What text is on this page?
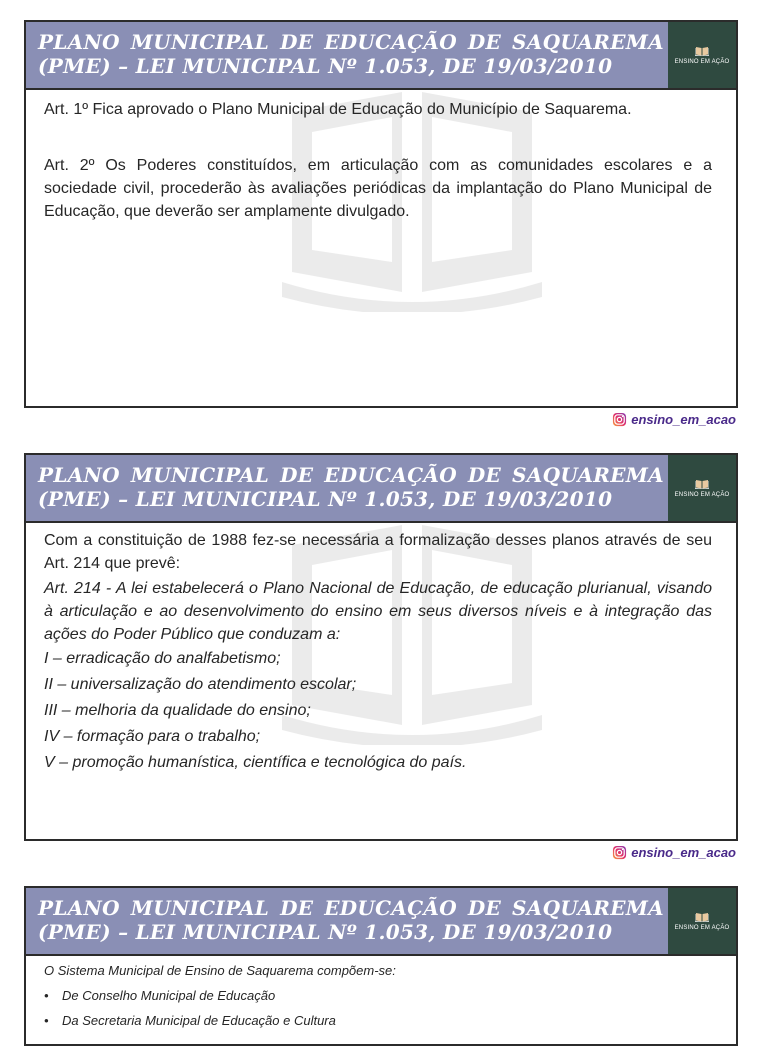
PLANO MUNICIPAL DE EDUCAÇÃO DE SAQUAREMA (PME) – LEI MUNICIPAL Nº 1.053, DE 19/03/2010	ENSINO EM AÇÃO

Art. 1º Fica aprovado o Plano Municipal de Educação do Município de Saquarema.

Art. 2º Os Poderes constituídos, em articulação com as comunidades escolares e a sociedade civil, procederão às avaliações periódicas da implantação do Plano Municipal de Educação, que deverão ser amplamente divulgado.

ensino_em_acao
PLANO MUNICIPAL DE EDUCAÇÃO DE SAQUAREMA (PME) – LEI MUNICIPAL Nº 1.053, DE 19/03/2010	ENSINO EM AÇÃO

Com a constituição de 1988 fez-se necessária a formalização desses planos através de seu Art. 214 que prevê:

Art. 214 - A lei estabelecerá o Plano Nacional de Educação, de educação plurianual, visando à articulação e ao desenvolvimento do ensino em seus diversos níveis e à integração das ações do Poder Público que conduzam a:

I – erradicação do analfabetismo;

II – universalização do atendimento escolar;

III – melhoria da qualidade do ensino;

IV – formação para o trabalho;

V – promoção humanística, científica e tecnológica do país.

ensino_em_acao
PLANO MUNICIPAL DE EDUCAÇÃO DE SAQUAREMA (PME) – LEI MUNICIPAL Nº 1.053, DE 19/03/2010	ENSINO EM AÇÃO

O Sistema Municipal de Ensino de Saquarema compõem-se:

• De Conselho Municipal de Educação

• Da Secretaria Municipal de Educação e Cultura
